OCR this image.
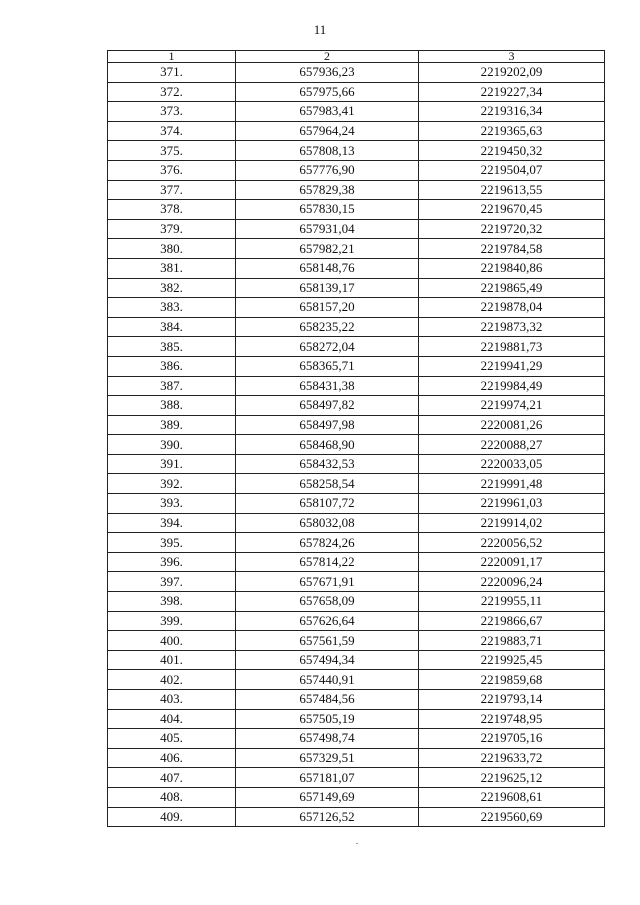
11
1	2	3
371.	657936,23	2219202,09
372.	657975,66	2219227,34
373.	657983,41	2219316,34
374.	657964,24	2219365,63
375.	657808,13	2219450,32
376.	657776,90	2219504,07
377.	657829,38	2219613,55
378.	657830,15	2219670,45
379.	657931,04	2219720,32
380.	657982,21	2219784,58
381.	658148,76	2219840,86
382.	658139,17	2219865,49
383.	658157,20	2219878,04
384.	658235,22	2219873,32
385.	658272,04	2219881,73
386.	658365,71	2219941,29
387.	658431,38	2219984,49
388.	658497,82	2219974,21
389.	658497,98	2220081,26
390.	658468,90	2220088,27
391.	658432,53	2220033,05
392.	658258,54	2219991,48
393.	658107,72	2219961,03
394.	658032,08	2219914,02
395.	657824,26	2220056,52
396.	657814,22	2220091,17
397.	657671,91	2220096,24
398.	657658,09	2219955,11
399.	657626,64	2219866,67
400.	657561,59	2219883,71
401.	657494,34	2219925,45
402.	657440,91	2219859,68
403.	657484,56	2219793,14
404.	657505,19	2219748,95
405.	657498,74	2219705,16
406.	657329,51	2219633,72
407.	657181,07	2219625,12
408.	657149,69	2219608,61
409.	657126,52	2219560,69
